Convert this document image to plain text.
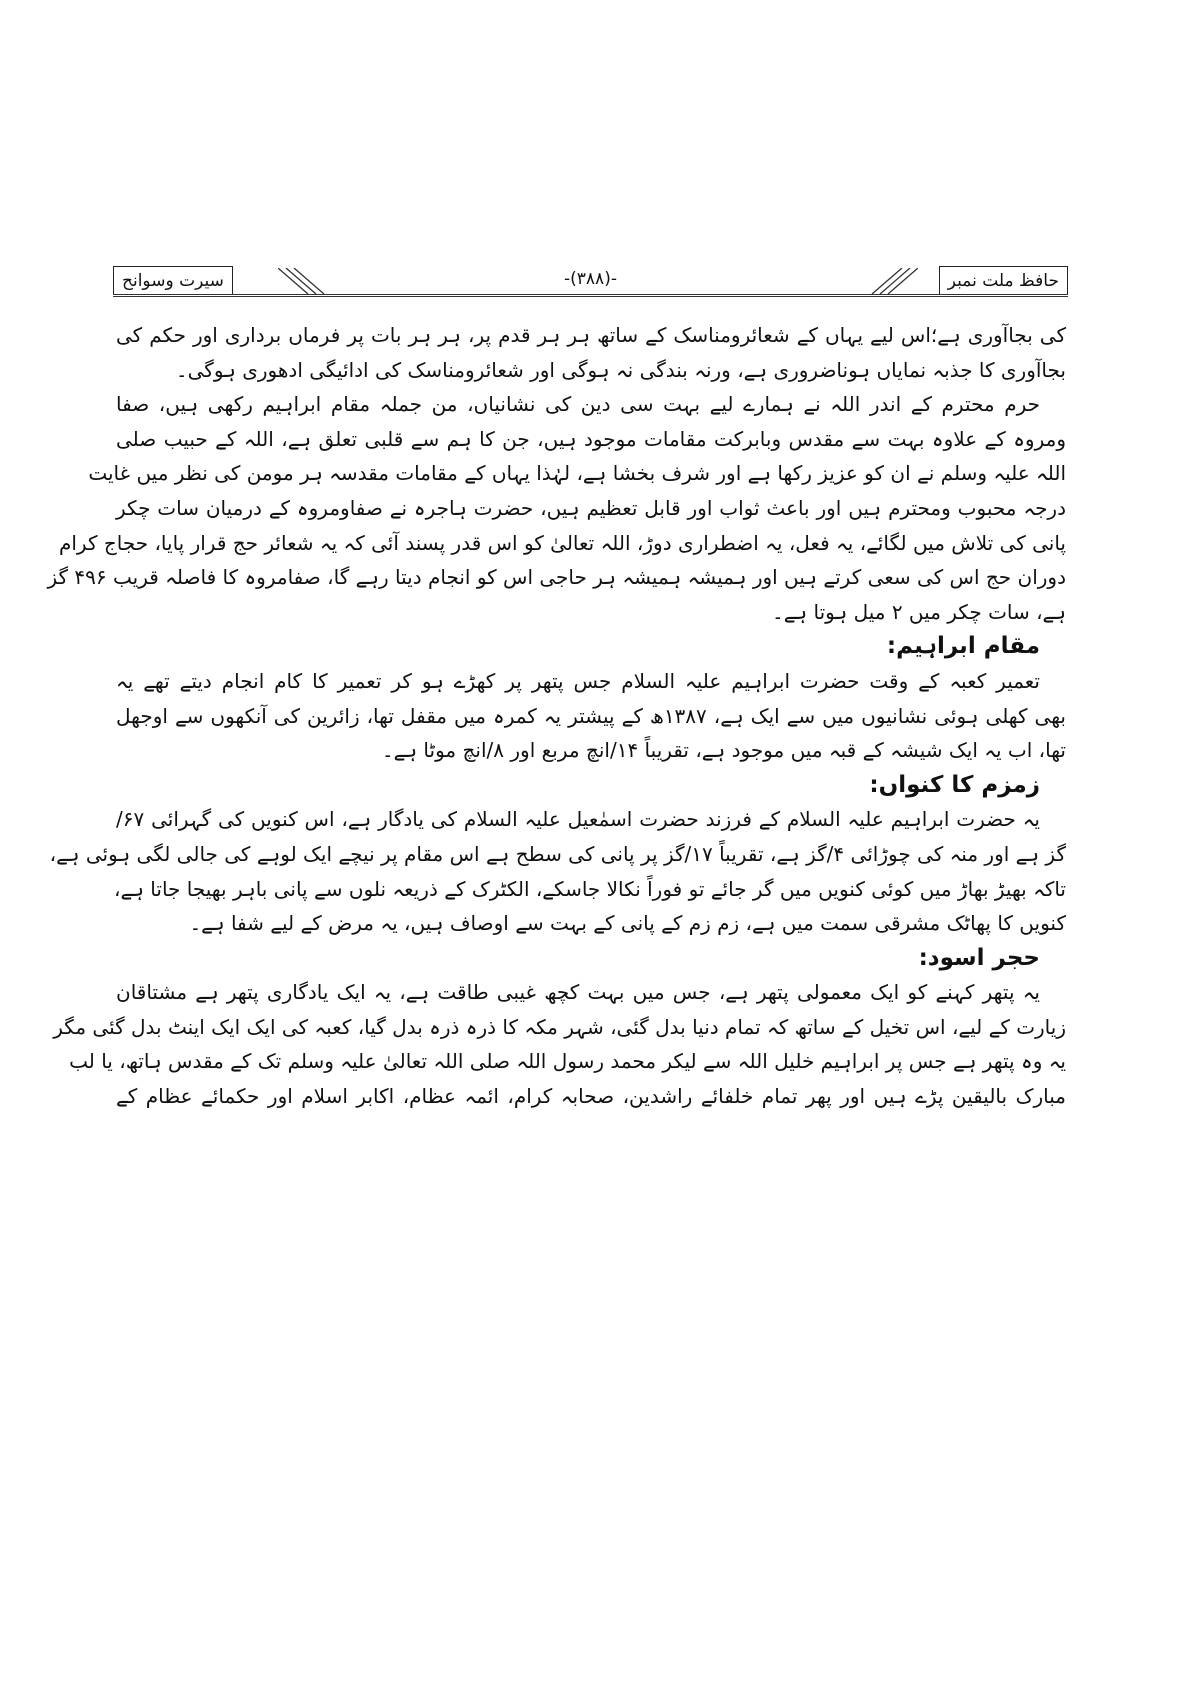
حافظ ملت نمبر
-(۳۸۸)-
سیرت وسوانح
کی بجاآوری ہے؛اس لیے یہاں کے شعائرومناسک کے ساتھ ہر ہر قدم پر، ہر ہر بات پر فرماں برداری اور حکم کی
بجاآوری کا جذبہ نمایاں ہوناضروری ہے، ورنہ بندگی نہ ہوگی اور شعائرومناسک کی ادائیگی ادھوری ہوگی۔
حرم محترم کے اندر اللہ نے ہمارے لیے بہت سی دین کی نشانیاں، من جملہ مقام ابراہیم رکھی ہیں، صفا
ومروہ کے علاوہ بہت سے مقدس وبابرکت مقامات موجود ہیں، جن کا ہم سے قلبی تعلق ہے، اللہ کے حبیب صلی
اللہ علیہ وسلم نے ان کو عزیز رکھا ہے اور شرف بخشا ہے، لہٰذا یہاں کے مقامات مقدسہ ہر مومن کی نظر میں غایت
درجہ محبوب ومحترم ہیں اور باعث ثواب اور قابل تعظیم ہیں، حضرت ہاجرہ نے صفاومروہ کے درمیان سات چکر
پانی کی تلاش میں لگائے، یہ فعل، یہ اضطراری دوڑ، اللہ تعالیٰ کو اس قدر پسند آئی کہ یہ شعائر حج قرار پایا، حجاج کرام
دوران حج اس کی سعی کرتے ہیں اور ہمیشہ ہمیشہ ہر حاجی اس کو انجام دیتا رہے گا، صفامروہ کا فاصلہ قریب ۴۹۶ گز
ہے، سات چکر میں ۲ میل ہوتا ہے۔
مقام ابراہیم:
تعمیر کعبہ کے وقت حضرت ابراہیم علیہ السلام جس پتھر پر کھڑے ہو کر تعمیر کا کام انجام دیتے تھے یہ
بھی کھلی ہوئی نشانیوں میں سے ایک ہے، ۱۳۸۷ھ کے پیشتر یہ کمرہ میں مقفل تھا، زائرین کی آنکھوں سے اوجھل
تھا، اب یہ ایک شیشہ کے قبہ میں موجود ہے، تقریباً ۱۴/انچ مربع اور ۸/انچ موٹا ہے۔
زمزم کا کنواں:
یہ حضرت ابراہیم علیہ السلام کے فرزند حضرت اسمٰعیل علیہ السلام کی یادگار ہے، اس کنویں کی گہرائی ۶۷/
گز ہے اور منہ کی چوڑائی ۴/گز ہے، تقریباً ۱۷/گز پر پانی کی سطح ہے اس مقام پر نیچے ایک لوہے کی جالی لگی ہوئی ہے،
تاکہ بھیڑ بھاڑ میں کوئی کنویں میں گر جائے تو فوراً نکالا جاسکے، الکٹرک کے ذریعہ نلوں سے پانی باہر بھیجا جاتا ہے،
کنویں کا پھاٹک مشرقی سمت میں ہے، زم زم کے پانی کے بہت سے اوصاف ہیں، یہ مرض کے لیے شفا ہے۔
حجر اسود:
یہ پتھر کہنے کو ایک معمولی پتھر ہے، جس میں بہت کچھ غیبی طاقت ہے، یہ ایک یادگاری پتھر ہے مشتاقان
زیارت کے لیے، اس تخیل کے ساتھ کہ تمام دنیا بدل گئی، شہر مکہ کا ذرہ ذرہ بدل گیا، کعبہ کی ایک ایک اینٹ بدل گئی مگر
یہ وہ پتھر ہے جس پر ابراہیم خلیل اللہ سے لیکر محمد رسول اللہ صلی اللہ تعالیٰ علیہ وسلم تک کے مقدس ہاتھ، یا لب
مبارک بالیقین پڑے ہیں اور پھر تمام خلفائے راشدین، صحابہ کرام، ائمہ عظام، اکابر اسلام اور حکمائے عظام کے
